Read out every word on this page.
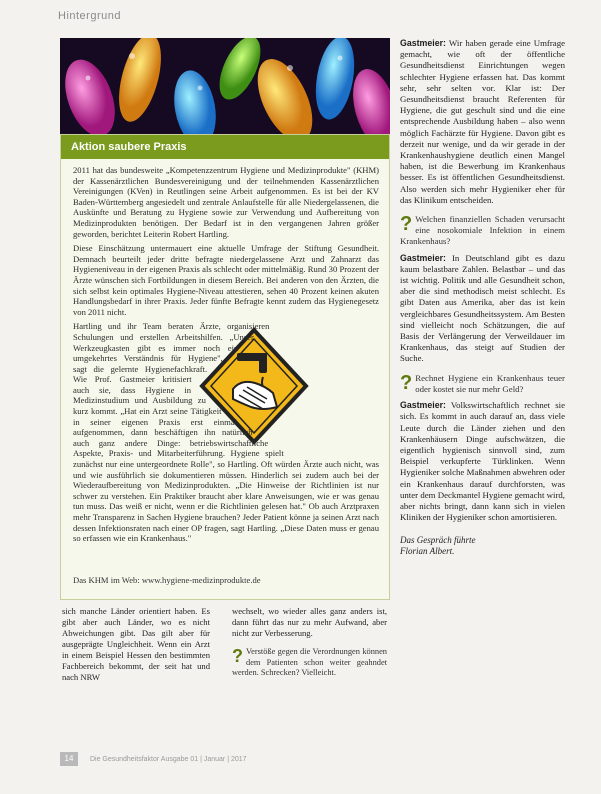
Hintergrund
Aktion saubere Praxis

2011 hat das bundesweite „Kompetenzzentrum Hygiene und Medizinprodukte" (KHM) der Kassenärztlichen Bundesvereinigung und der teilnehmenden Kassenärztlichen Vereinigungen (KVen) in Reutlingen seine Arbeit aufgenommen. Es ist bei der KV Baden-Württemberg angesiedelt und zentrale Anlaufstelle für alle Niedergelassenen, die Auskünfte und Beratung zu Hygiene sowie zur Verwendung und Aufbereitung von Medizinprodukten benötigen. Der Bedarf ist in den vergangenen Jahren größer geworden, berichtet Leiterin Robert Hartling.

Diese Einschätzung untermauert eine aktuelle Umfrage der Stiftung Gesundheit. Demnach beurteilt jeder dritte befragte niedergelassene Arzt und Zahnarzt das Hygieneniveau in der eigenen Praxis als schlecht oder mittelmäßig. Rund 30 Prozent der Ärzte wünschen sich Fortbildungen in diesem Bereich. Bei anderen von den Ärzten, die sich selbst kein optimales Hygiene-Niveau attestieren, sehen 40 Prozent keinen akuten Handlungsbedarf in ihrer Praxis. Jeder fünfte Befragte kennt zudem das Hygienegesetz von 2011 nicht.

Hartling und ihr Team beraten Ärzte, organisieren Schulungen und erstellen Arbeitshilfen. „Unser Werkzeugkasten gibt es immer noch ein umgekehrtes Verständnis für Hygiene", sagt die gelernte Hygienefachkraft. Wie Prof. Gastmeier kritisiert auch sie, dass Hygiene in Medizinstudium und Ausbildung zu kurz kommt. „Hat ein Arzt seine Tätigkeit in seiner eigenen Praxis erst einmal aufgenommen, dann beschäftigen ihn natürlich auch ganz andere Dinge: betriebswirtschaftliche Aspekte, Praxis- und Mitarbeiterführung. Hygiene spielt zunächst nur eine untergeordnete Rolle", so Hartling. Oft würden Ärzte auch nicht, was und wie ausführlich sie dokumentieren müssen. Hinderlich sei zudem auch bei der Wiederaufbereitung von Medizinprodukten. „Die Hinweise der Richtlinien ist nur schwer zu verstehen. Ein Praktiker braucht aber klare Anweisungen, wie er was genau tun muss. Das weiß er nicht, wenn er die Richtlinien gelesen hat." Ob auch Arztpraxen mehr Transparenz in Sachen Hygiene brauchen? Jeder Patient könne ja seinen Arzt nach dessen Infektionsraten nach einer OP fragen, sagt Hartling. „Diese Daten muss er genau so erfassen wie ein Krankenhaus."

Das KHM im Web: www.hygiene-medizinprodukte.de

sich manche Länder orientiert haben. Es gibt aber auch Länder, wo es nicht Abweichungen gibt. Das gilt aber für ausgeprägte Ungleichheit. Wenn ein Arzt in einem Beispiel Hessen den bestimmten Fachbereich bekommt, der seit hat und nach NRW

wechselt, wo wieder alles ganz anders ist, dann führt das nur zu mehr Aufwand, aber nicht zur Verbesserung.

? Verstöße gegen die Verordnungen können dem Patienten schon weiter geahndet werden. Schrecken? Vielleicht.

Gastmeier: Wir haben gerade eine Umfrage gemacht, wie oft der öffentliche Gesundheitsdienst Einrichtungen wegen schlechter Hygiene erfassen hat. Das kommt sehr, sehr selten vor. Klar ist: Der Gesundheitsdienst braucht Referenten für Hygiene, die gut geschult sind und die eine entsprechende Ausbildung haben – also wenn möglich Fachärzte für Hygiene. Davon gibt es derzeit nur wenige, und da wir gerade in der Krankenhaushygiene deutlich einen Mangel haben, ist die Bewerbung im Krankenhaus besser. Es ist öffentlichen Gesundheitsdienst. Also werden sich mehr Hygieniker eher für das Klinikum entscheiden.

? Welchen finanziellen Schaden verursacht eine nosokomiale Infektion in einem Krankenhaus?

Gastmeier: In Deutschland gibt es dazu kaum belastbare Zahlen. Belastbar – und das ist wichtig. Politik und alle Gesundheit schon, aber die sind methodisch meist schlecht. Es gibt Daten aus Amerika, aber das ist kein vergleichbares Gesundheitssystem. Am Besten sind vielleicht noch Schätzungen, die auf Basis der Verlängerung der Verweildauer im Krankenhaus, das steigt auf Studien der Suche.

? Rechnet Hygiene ein Krankenhaus teuer oder kostet sie nur mehr Geld?

Gastmeier: Volkswirtschaftlich rechnet sie sich. Es kommt in auch darauf an, dass viele Leute durch die Länder ziehen und den Krankenhäusern Dinge aufschwätzen, die eigentlich hygienisch sinnvoll sind, zum Beispiel verkupferte Türklinken. Wenn Hygieniker solche Maßnahmen abwehren oder ein Krankenhaus darauf durchforsten, was unter dem Deckmantel Hygiene gemacht wird, aber nichts bringt, dann kann sich in vielen Kliniken der Hygieniker schon amortisieren.

Das Gespräch führte
Florian Albert.
14 Die Gesundheitsfaktor Ausgabe 01 | Januar | 2017
